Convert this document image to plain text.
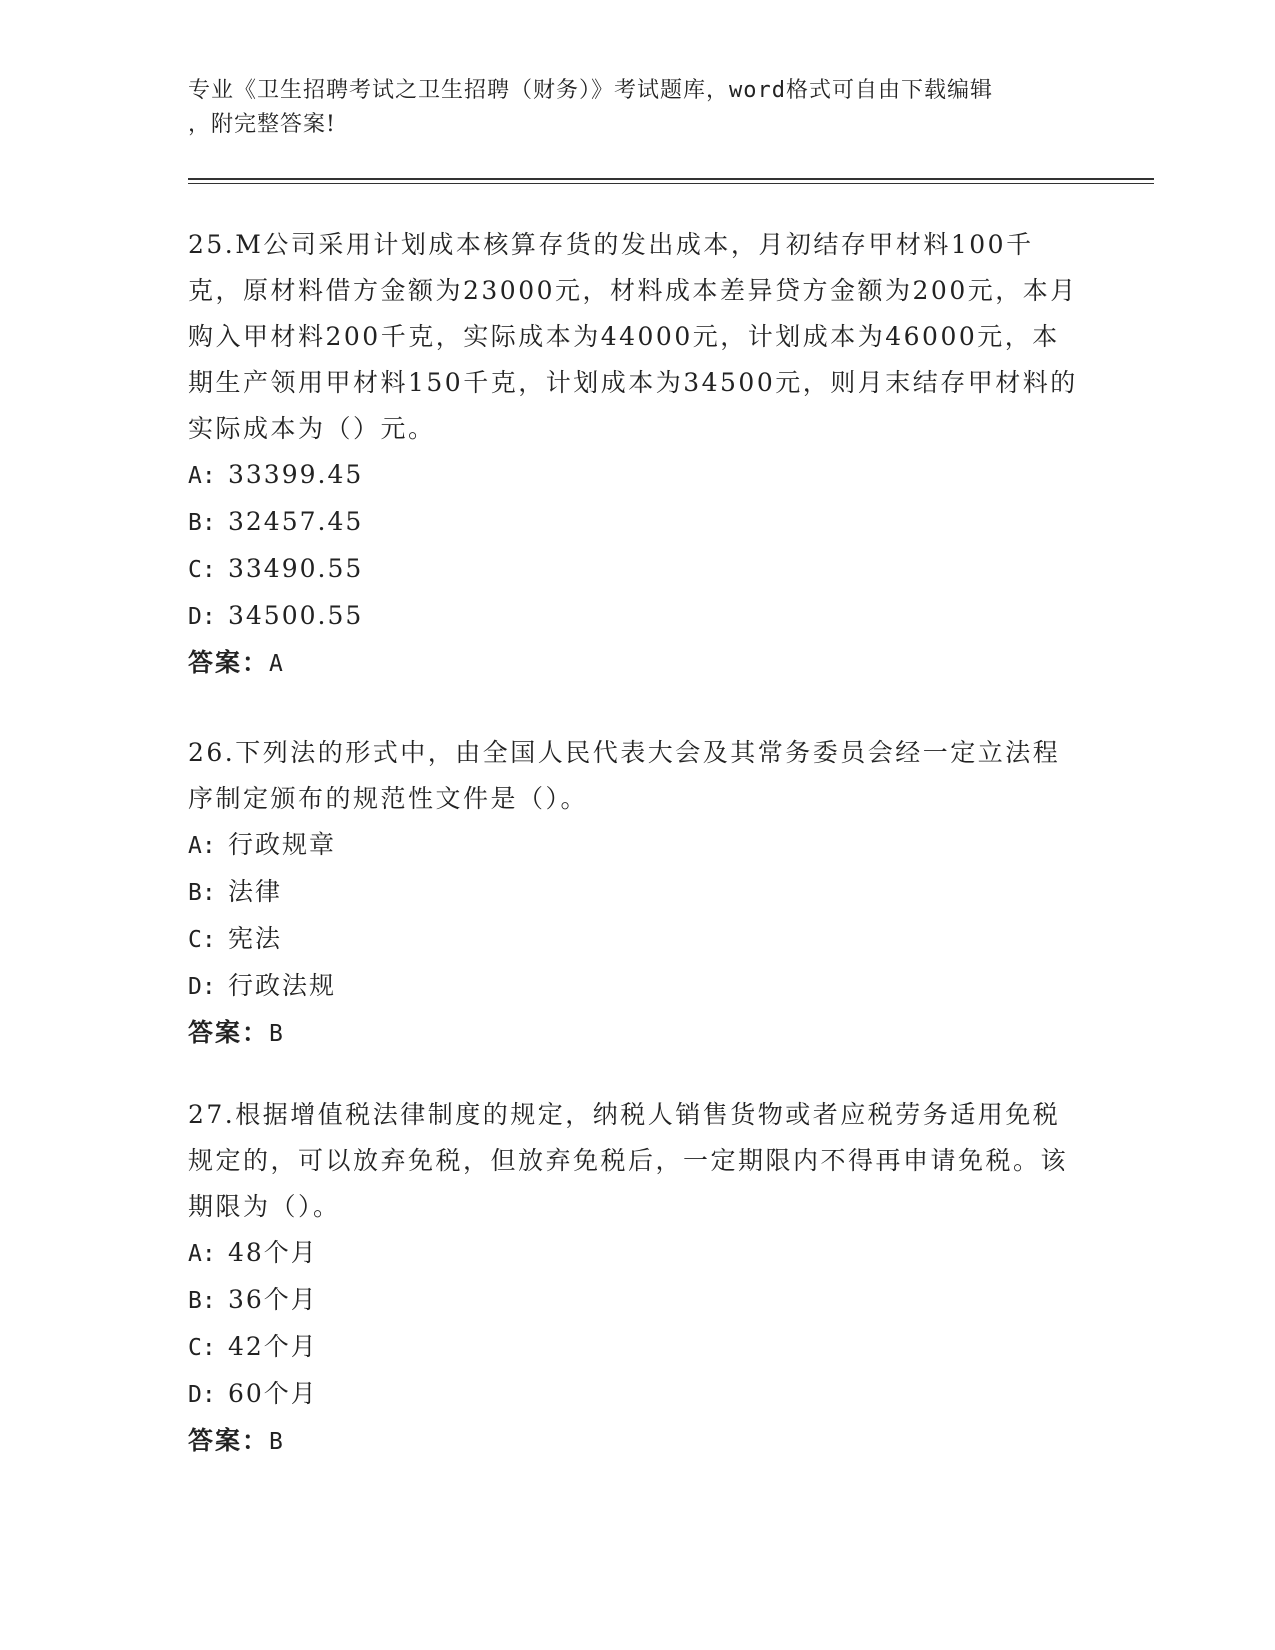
专业《卫生招聘考试之卫生招聘（财务）》考试题库，word格式可自由下载编辑
，附完整答案!

25.M公司采用计划成本核算存货的发出成本，月初结存甲材料100千克，原材料借方金额为23000元，材料成本差异贷方金额为200元，本月购入甲材料200千克，实际成本为44000元，计划成本为46000元，本期生产领用甲材料150千克，计划成本为34500元，则月末结存甲材料的实际成本为（）元。

A: 33399.45
B: 32457.45
C: 33490.55
D: 34500.55
答案：A

26.下列法的形式中，由全国人民代表大会及其常务委员会经一定立法程序制定颁布的规范性文件是（）。

A: 行政规章
B: 法律
C: 宪法
D: 行政法规
答案：B

27.根据增值税法律制度的规定，纳税人销售货物或者应税劳务适用免税规定的，可以放弃免税，但放弃免税后，一定期限内不得再申请免税。该期限为（）。

A: 48个月
B: 36个月
C: 42个月
D: 60个月
答案：B
